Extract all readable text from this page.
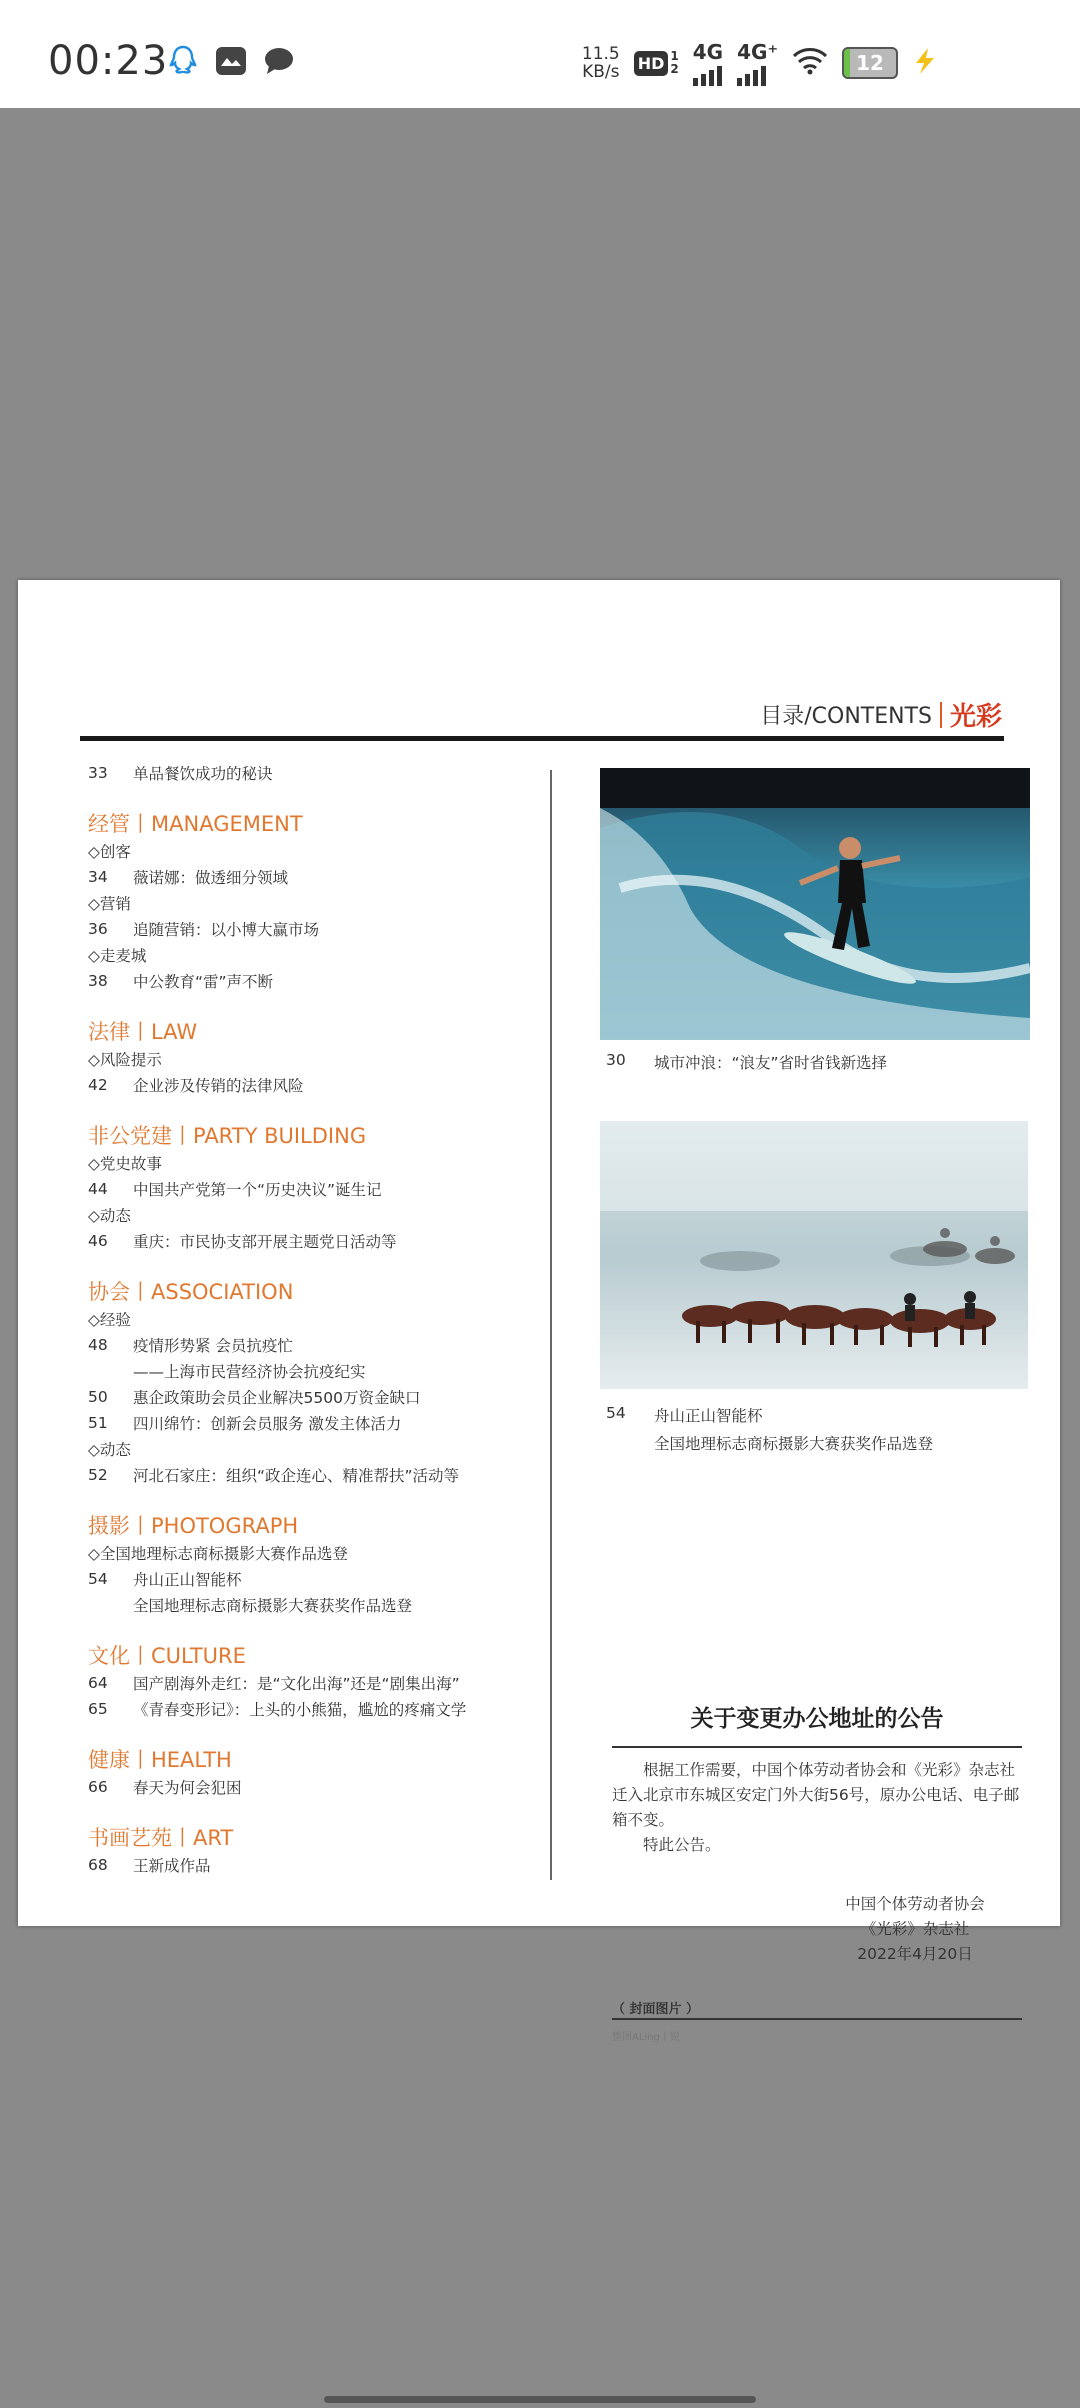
00:23	11.5
KB/s HD 1
2
4G 4G⁺	12
目录/CONTENTS 光彩
33	单品餐饮成功的秘诀
经管丨MANAGEMENT
◇创客
34	薇诺娜：做透细分领域
◇营销
36	追随营销：以小博大赢市场
◇走麦城
38	中公教育“雷”声不断
法律丨LAW
◇风险提示
42	企业涉及传销的法律风险
非公党建丨PARTY BUILDING
◇党史故事
44	中国共产党第一个“历史决议”诞生记
◇动态
46	重庆：市民协支部开展主题党日活动等
协会丨ASSOCIATION
◇经验
48	疫情形势紧 会员抗疫忙
——上海市民营经济协会抗疫纪实
50	惠企政策助会员企业解决5500万资金缺口
51	四川绵竹：创新会员服务 激发主体活力
◇动态
52	河北石家庄：组织“政企连心、精准帮扶”活动等
摄影丨PHOTOGRAPH
◇全国地理标志商标摄影大赛作品选登
54	舟山正山智能杯
全国地理标志商标摄影大赛获奖作品选登
文化丨CULTURE
64	国产剧海外走红：是“文化出海”还是“剧集出海”
65	《青春变形记》：上头的小熊猫，尴尬的疼痛文学
健康丨HEALTH
66	春天为何会犯困
书画艺苑丨ART
68	王新成作品
30	城市冲浪：“浪友”省时省钱新选择
54	舟山正山智能杯
全国地理标志商标摄影大赛获奖作品选登
关于变更办公地址的公告

根据工作需要，中国个体劳动者协会和《光彩》杂志社迁入北京市东城区安定门外大街56号，原办公电话、电子邮箱不变。

特此公告。

中国个体劳动者协会
《光彩》杂志社
2022年4月20日
（ 封面图片 ）
整图ALing丨锐
